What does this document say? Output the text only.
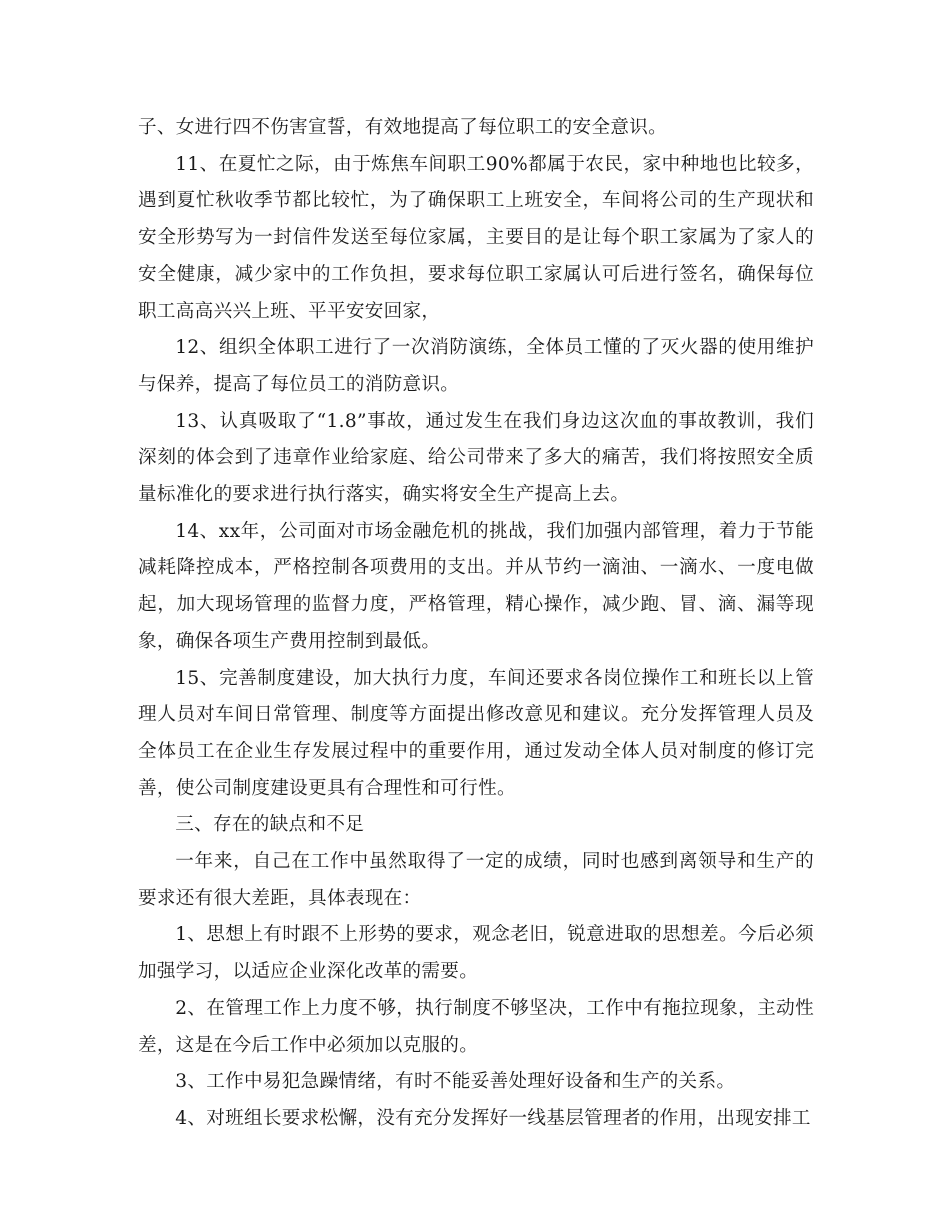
子、女进行四不伤害宣誓，有效地提高了每位职工的安全意识。

11、在夏忙之际，由于炼焦车间职工90%都属于农民，家中种地也比较多，遇到夏忙秋收季节都比较忙，为了确保职工上班安全，车间将公司的生产现状和安全形势写为一封信件发送至每位家属，主要目的是让每个职工家属为了家人的安全健康，减少家中的工作负担，要求每位职工家属认可后进行签名，确保每位职工高高兴兴上班、平平安安回家，

12、组织全体职工进行了一次消防演练，全体员工懂的了灭火器的使用维护与保养，提高了每位员工的消防意识。

13、认真吸取了“1.8”事故，通过发生在我们身边这次血的事故教训，我们深刻的体会到了违章作业给家庭、给公司带来了多大的痛苦，我们将按照安全质量标准化的要求进行执行落实，确实将安全生产提高上去。

14、xx年，公司面对市场金融危机的挑战，我们加强内部管理，着力于节能减耗降控成本，严格控制各项费用的支出。并从节约一滴油、一滴水、一度电做起，加大现场管理的监督力度，严格管理，精心操作，减少跑、冒、滴、漏等现象，确保各项生产费用控制到最低。

15、完善制度建设，加大执行力度，车间还要求各岗位操作工和班长以上管理人员对车间日常管理、制度等方面提出修改意见和建议。充分发挥管理人员及全体员工在企业生存发展过程中的重要作用，通过发动全体人员对制度的修订完善，使公司制度建设更具有合理性和可行性。

三、存在的缺点和不足

一年来，自己在工作中虽然取得了一定的成绩，同时也感到离领导和生产的要求还有很大差距，具体表现在：

1、思想上有时跟不上形势的要求，观念老旧，锐意进取的思想差。今后必须加强学习，以适应企业深化改革的需要。

2、在管理工作上力度不够，执行制度不够坚决，工作中有拖拉现象，主动性差，这是在今后工作中必须加以克服的。

3、工作中易犯急躁情绪，有时不能妥善处理好设备和生产的关系。

4、对班组长要求松懈，没有充分发挥好一线基层管理者的作用，出现安排工
